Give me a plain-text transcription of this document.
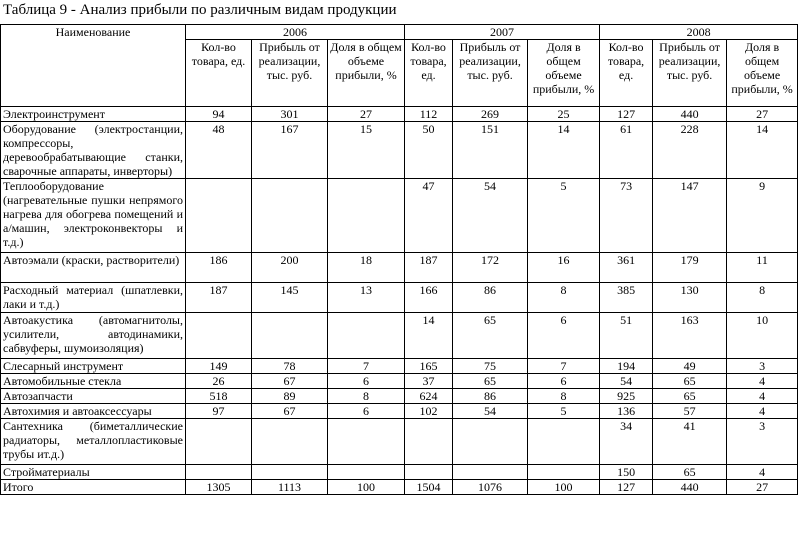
Таблица 9 - Анализ прибыли по различным видам продукции
Наименование	2006			2007			2008		
	Кол-во товара, ед.	Прибыль от реализации, тыс. руб.	Доля в общем объеме прибыли, %	Кол-во товара, ед.	Прибыль от реализации, тыс. руб.	Доля в общем объеме прибыли, %	Кол-во товара, ед.	Прибыль от реализации, тыс. руб.	Доля в общем объеме прибыли, %
Электроинструмент	94	301	27	112	269	25	127	440	27
Оборудование (электростанции, компрессоры, деревообрабатывающие станки, сварочные аппараты, инверторы)	48	167	15	50	151	14	61	228	14
Теплооборудование (нагревательные пушки непрямого нагрева для обогрева помещений и а/машин, электроконвекторы и т.д.)				47	54	5	73	147	9
Автоэмали (краски, растворители)	186	200	18	187	172	16	361	179	11
Расходный материал (шпатлевки, лаки и т.д.)	187	145	13	166	86	8	385	130	8
Автоакустика (автомагнитолы, усилители, автодинамики, сабвуферы, шумоизоляция)				14	65	6	51	163	10
Слесарный инструмент	149	78	7	165	75	7	194	49	3
Автомобильные стекла	26	67	6	37	65	6	54	65	4
Автозапчасти	518	89	8	624	86	8	925	65	4
Автохимия и автоаксессуары	97	67	6	102	54	5	136	57	4
Сантехника (биметаллические радиаторы, металлопластиковые трубы ит.д.)							34	41	3
Стройматериалы							150	65	4
Итого	1305	1113	100	1504	1076	100	127	440	27
